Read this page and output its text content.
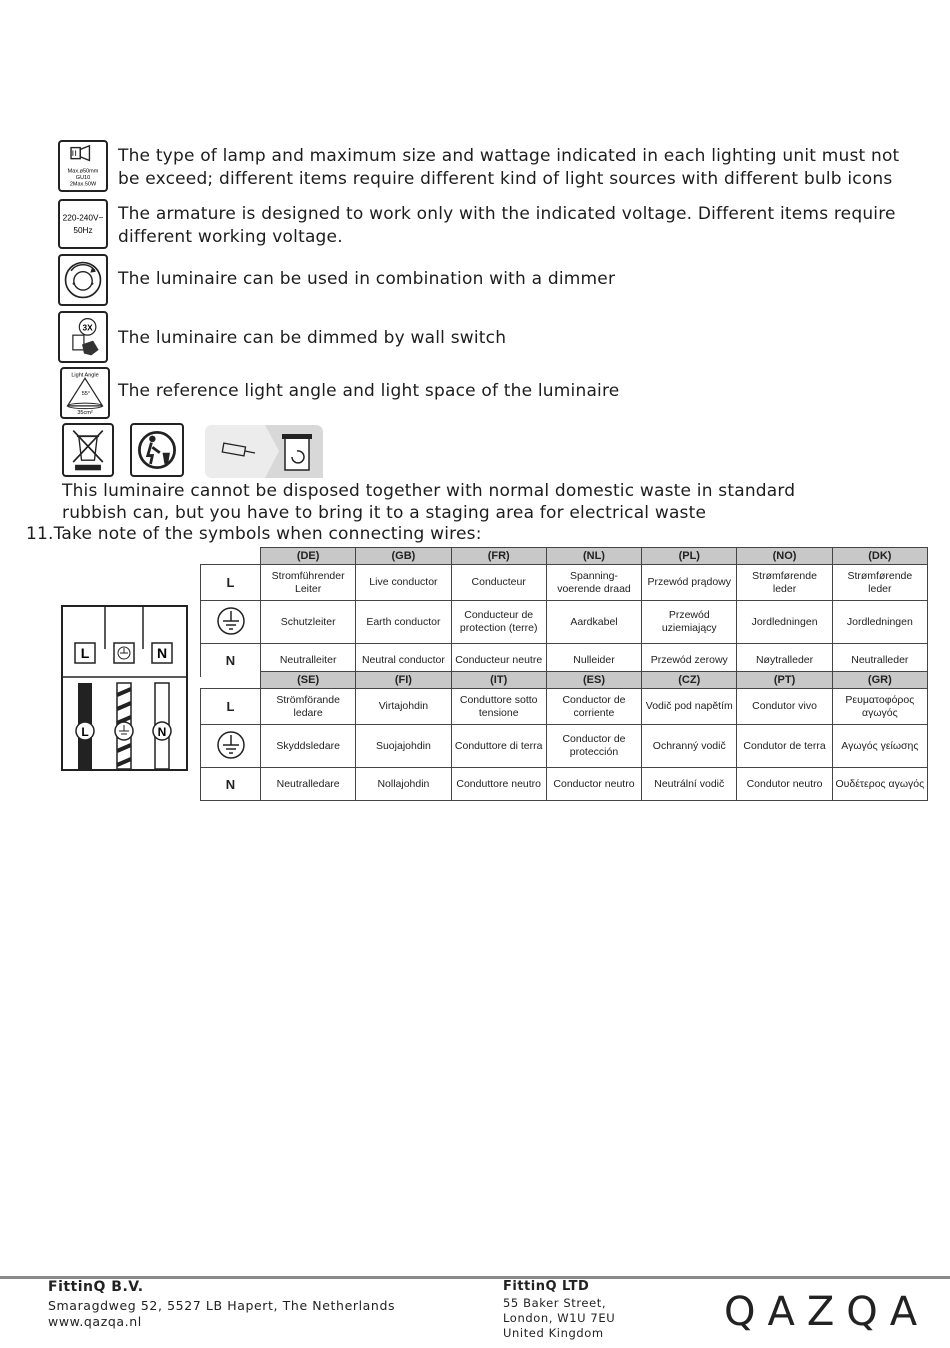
Max.ø50mm
GU10
2Max.50W
The type of lamp and maximum size and wattage indicated in each lighting unit must not
be exceed; different items require different kind of light sources with different bulb icons
220-240V~
50Hz
The armature is designed to work only with the indicated voltage. Different items require
different working voltage.
The luminaire can be used in combination with a dimmer
3X The luminaire can be dimmed by wall switch
Light Angle
55°
35cm²
The reference light angle and light space of the luminaire
This luminaire cannot be disposed together with normal domestic waste in standard
rubbish can, but you have to bring it to a staging area for electrical waste
11.Take note of the symbols when connecting wires:
L	N
L	N
	(DE)	(GB)	(FR)	(NL)	(PL)	(NO)	(DK)
L	Stromführender Leiter	Live conductor	Conducteur	Spanning-voerende draad	Przewód prądowy	Strømførende leder	Strømførende leder
	Schutzleiter	Earth conductor	Conducteur de protection (terre)	Aardkabel	Przewód uziemiający	Jordledningen	Jordledningen
N	Neutralleiter	Neutral conductor	Conducteur neutre	Nulleider	Przewód zerowy	Nøytralleder	Neutralleder
	(SE)	(FI)	(IT)	(ES)	(CZ)	(PT)	(GR)
L	Strömförande ledare	Virtajohdin	Conduttore sotto tensione	Conductor de corriente	Vodič pod napětím	Condutor vivo	Ρευματοφόρος αγωγός
	Skyddsledare	Suojajohdin	Conduttore di terra	Conductor de protección	Ochranný vodič	Condutor de terra	Αγωγός γείωσης
N	Neutralledare	Nollajohdin	Conduttore neutro	Conductor neutro	Neutrální vodič	Condutor neutro	Ουδέτερος αγωγός
FittinQ B.V.
Smaragdweg 52, 5527 LB Hapert, The Netherlands
www.qazqa.nl
FittinQ LTD
55 Baker Street,
London, W1U 7EU
United Kingdom	QAZQA
